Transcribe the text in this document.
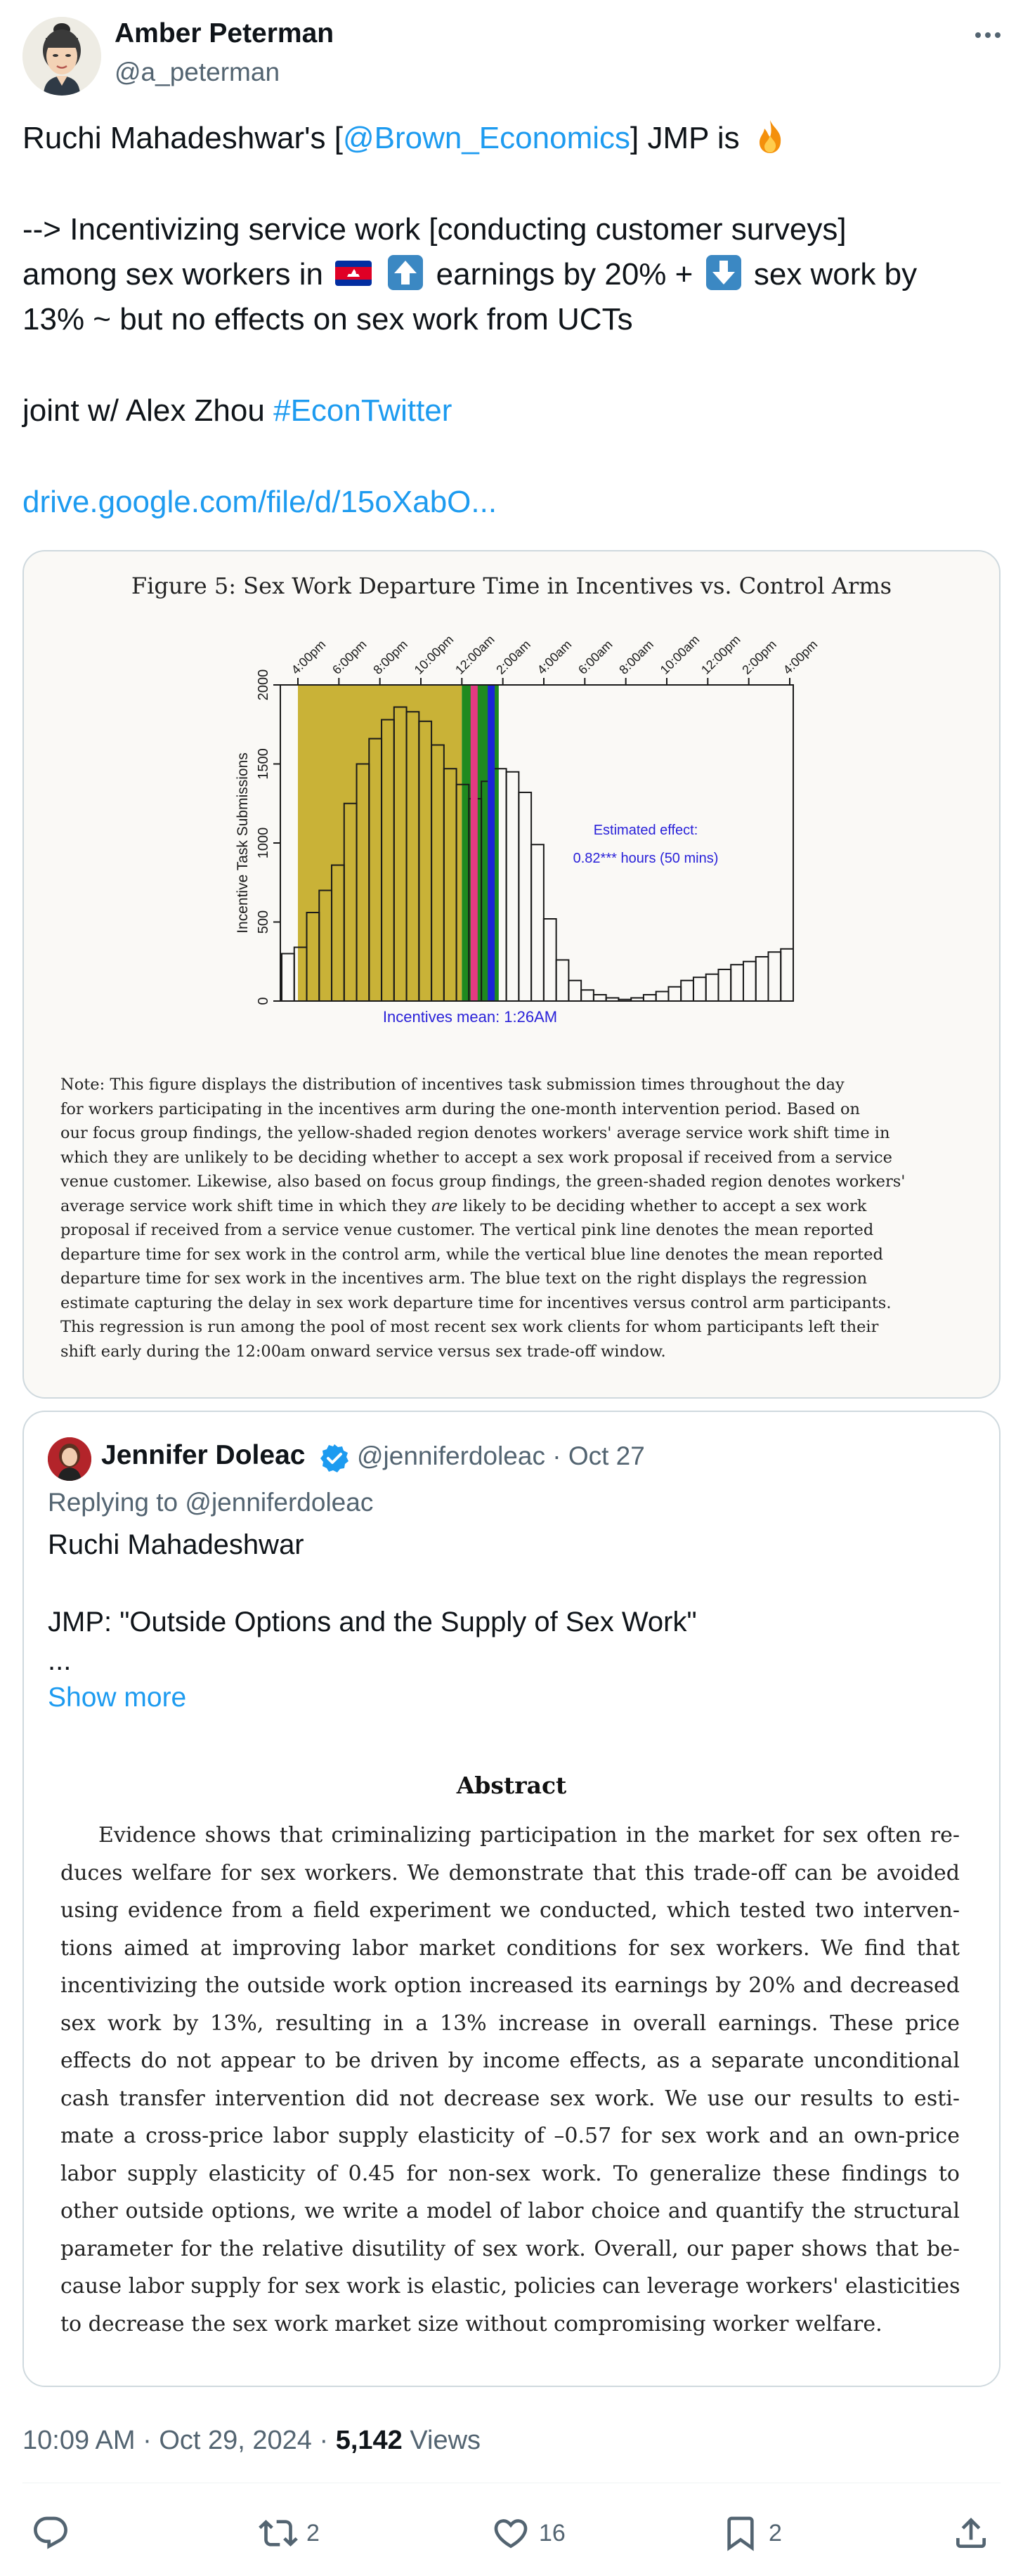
Amber Peterman
@a_peterman
Ruchi Mahadeshwar's [@Brown_Economics] JMP is
--> Incentivizing service work [conducting customer surveys]
among sex workers in	earnings by 20% + sex work by
13% ~ but no effects on sex work from UCTs
joint w/ Alex Zhou #EconTwitter
drive.google.com/file/d/15oXabO...
Figure 5: Sex Work Departure Time in Incentives vs. Control Arms
0
500
1000
1500
2000
4:00pm 6:00pm 8:00pm 10:00pm
12:00am
2:00am 4:00am 6:00am 8:00am 10:00am
12:00pm
2:00pm 4:00pm
Incentive Task Submissions	Estimated effect:
0.82*** hours (50 mins)
Incentives mean: 1:26AM
Note: This figure displays the distribution of incentives task submission times throughout the day
for workers participating in the incentives arm during the one-month intervention period. Based on
our focus group findings, the yellow-shaded region denotes workers' average service work shift time in
which they are unlikely to be deciding whether to accept a sex work proposal if received from a service
venue customer. Likewise, also based on focus group findings, the green-shaded region denotes workers'
average service work shift time in which they are likely to be deciding whether to accept a sex work
proposal if received from a service venue customer. The vertical pink line denotes the mean reported
departure time for sex work in the control arm, while the vertical blue line denotes the mean reported
departure time for sex work in the incentives arm. The blue text on the right displays the regression
estimate capturing the delay in sex work departure time for incentives versus control arm participants.
This regression is run among the pool of most recent sex work clients for whom participants left their
shift early during the 12:00am onward service versus sex trade-off window.
Jennifer Doleac @jenniferdoleac · Oct 27
Replying to @jenniferdoleac
Ruchi Mahadeshwar
JMP: "Outside Options and the Supply of Sex Work"
...
Show more
Abstract
Evidence shows that criminalizing participation in the market for sex often re-
duces welfare for sex workers. We demonstrate that this trade-off can be avoided
using evidence from a field experiment we conducted, which tested two interven-
tions aimed at improving labor market conditions for sex workers. We find that
incentivizing the outside work option increased its earnings by 20% and decreased
sex work by 13%, resulting in a 13% increase in overall earnings. These price
effects do not appear to be driven by income effects, as a separate unconditional
cash transfer intervention did not decrease sex work. We use our results to esti-
mate a cross-price labor supply elasticity of –0.57 for sex work and an own-price
labor supply elasticity of 0.45 for non-sex work. To generalize these findings to
other outside options, we write a model of labor choice and quantify the structural
parameter for the relative disutility of sex work. Overall, our paper shows that be-
cause labor supply for sex work is elastic, policies can leverage workers' elasticities
to decrease the sex work market size without compromising worker welfare.
10:09 AM · Oct 29, 2024 · 5,142 Views
2	16	2
